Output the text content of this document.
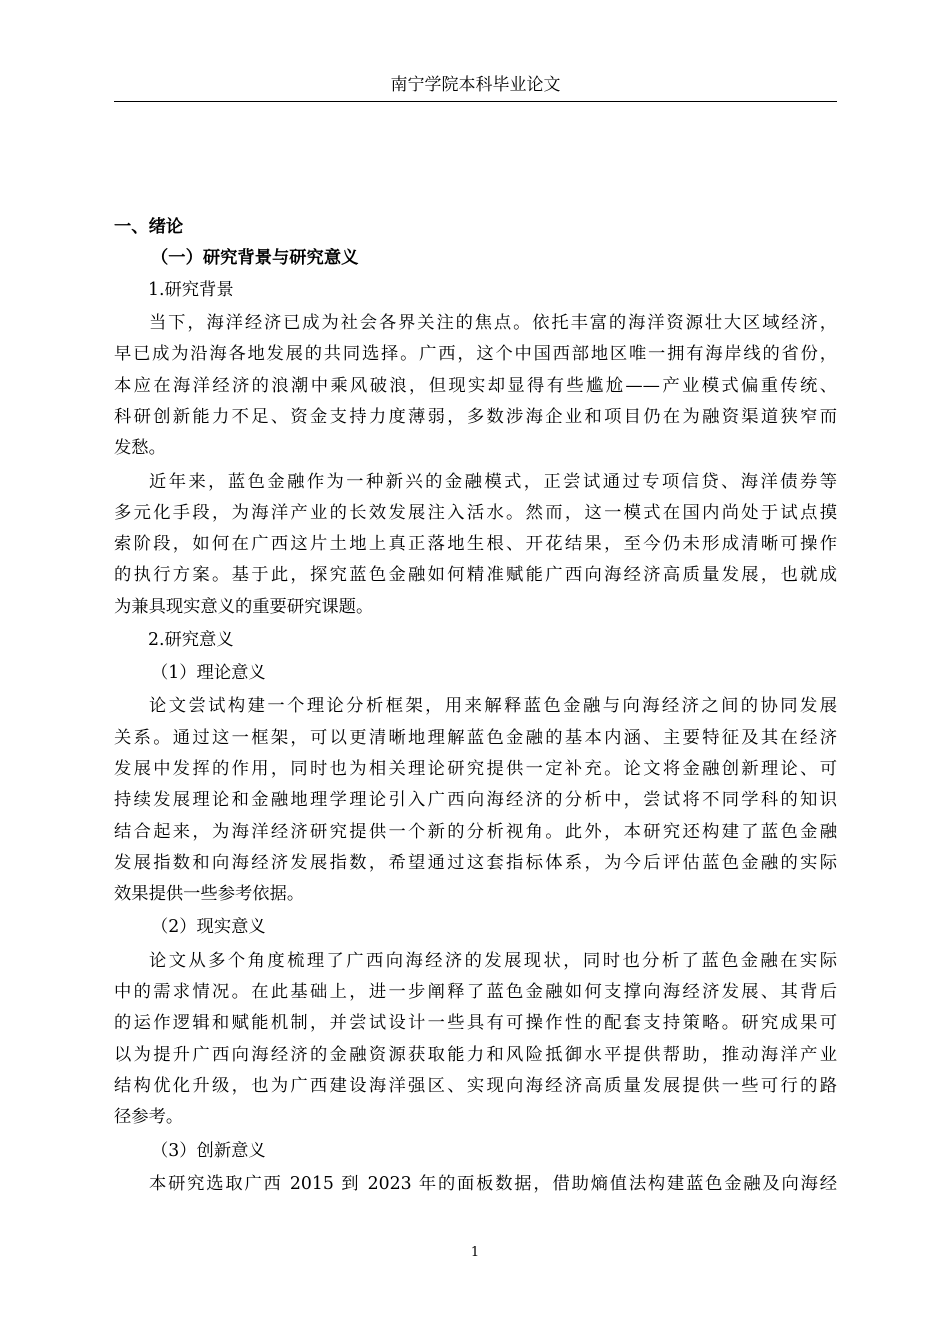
南宁学院本科毕业论文
一、绪论
（一）研究背景与研究意义
1.研究背景
当下，海洋经济已成为社会各界关注的焦点。依托丰富的海洋资源壮大区域经济，
早已成为沿海各地发展的共同选择。广西，这个中国西部地区唯一拥有海岸线的省份，
本应在海洋经济的浪潮中乘风破浪，但现实却显得有些尴尬——产业模式偏重传统、
科研创新能力不足、资金支持力度薄弱，多数涉海企业和项目仍在为融资渠道狭窄而
发愁。
近年来，蓝色金融作为一种新兴的金融模式，正尝试通过专项信贷、海洋债券等
多元化手段，为海洋产业的长效发展注入活水。然而，这一模式在国内尚处于试点摸
索阶段，如何在广西这片土地上真正落地生根、开花结果，至今仍未形成清晰可操作
的执行方案。基于此，探究蓝色金融如何精准赋能广西向海经济高质量发展，也就成
为兼具现实意义的重要研究课题。
2.研究意义
（1）理论意义
论文尝试构建一个理论分析框架，用来解释蓝色金融与向海经济之间的协同发展
关系。通过这一框架，可以更清晰地理解蓝色金融的基本内涵、主要特征及其在经济
发展中发挥的作用，同时也为相关理论研究提供一定补充。论文将金融创新理论、可
持续发展理论和金融地理学理论引入广西向海经济的分析中，尝试将不同学科的知识
结合起来，为海洋经济研究提供一个新的分析视角。此外，本研究还构建了蓝色金融
发展指数和向海经济发展指数，希望通过这套指标体系，为今后评估蓝色金融的实际
效果提供一些参考依据。
（2）现实意义
论文从多个角度梳理了广西向海经济的发展现状，同时也分析了蓝色金融在实际
中的需求情况。在此基础上，进一步阐释了蓝色金融如何支撑向海经济发展、其背后
的运作逻辑和赋能机制，并尝试设计一些具有可操作性的配套支持策略。研究成果可
以为提升广西向海经济的金融资源获取能力和风险抵御水平提供帮助，推动海洋产业
结构优化升级，也为广西建设海洋强区、实现向海经济高质量发展提供一些可行的路
径参考。
（3）创新意义
本研究选取广西 2015 到 2023 年的面板数据，借助熵值法构建蓝色金融及向海经
1
